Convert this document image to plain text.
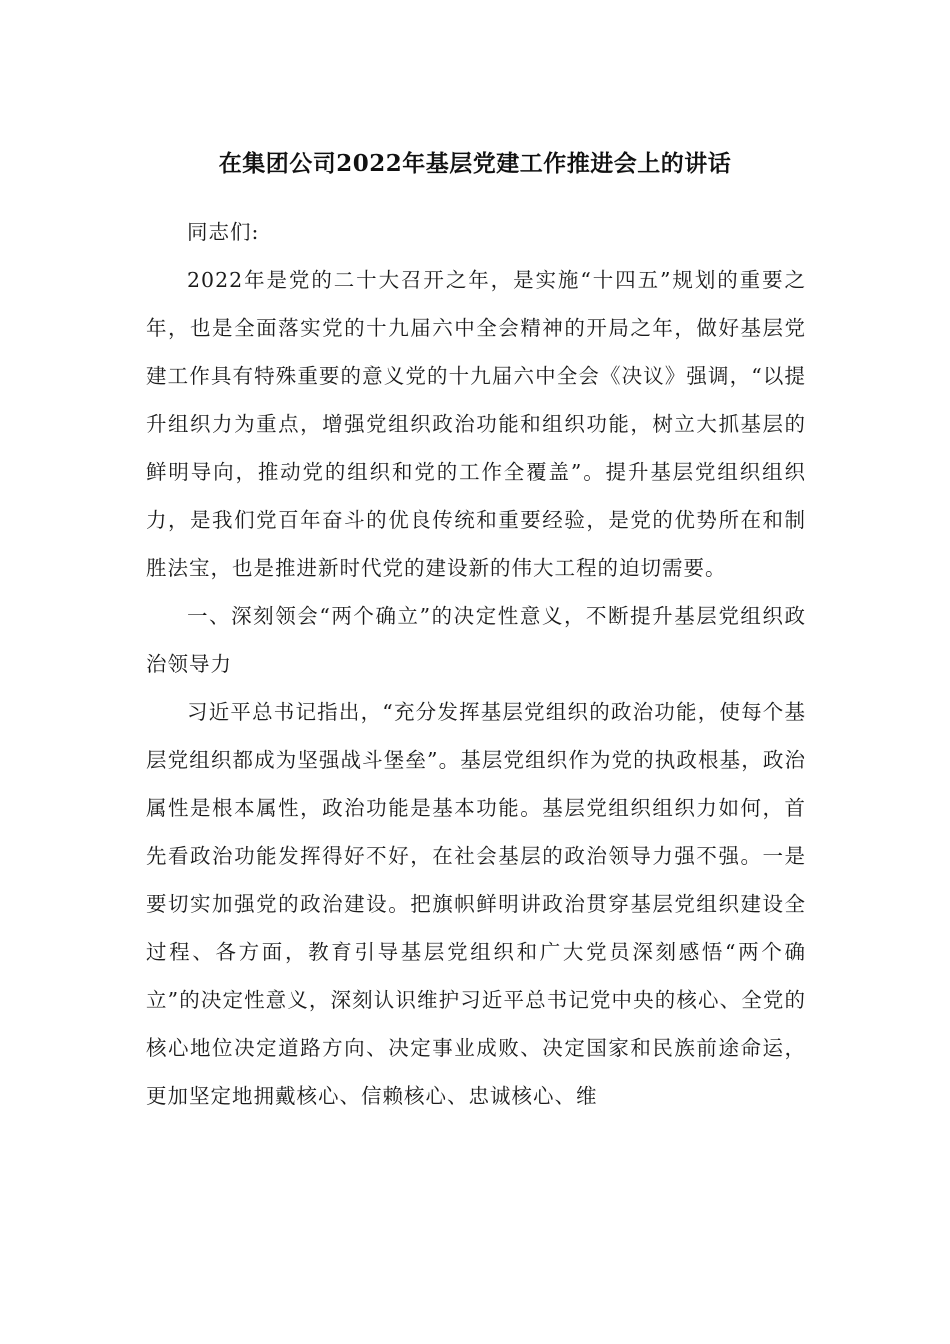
在集团公司2022年基层党建工作推进会上的讲话

同志们:

2022年是党的二十大召开之年，是实施“十四五”规划的重要之年，也是全面落实党的十九届六中全会精神的开局之年，做好基层党建工作具有特殊重要的意义党的十九届六中全会《决议》强调，“以提升组织力为重点，增强党组织政治功能和组织功能，树立大抓基层的鲜明导向，推动党的组织和党的工作全覆盖”。提升基层党组织组织力，是我们党百年奋斗的优良传统和重要经验，是党的优势所在和制胜法宝，也是推进新时代党的建设新的伟大工程的迫切需要。

一、深刻领会“两个确立”的决定性意义，不断提升基层党组织政治领导力

习近平总书记指出，“充分发挥基层党组织的政治功能，使每个基层党组织都成为坚强战斗堡垒”。基层党组织作为党的执政根基，政治属性是根本属性，政治功能是基本功能。基层党组织组织力如何，首先看政治功能发挥得好不好，在社会基层的政治领导力强不强。一是要切实加强党的政治建设。把旗帜鲜明讲政治贯穿基层党组织建设全过程、各方面，教育引导基层党组织和广大党员深刻感悟“两个确立”的决定性意义，深刻认识维护习近平总书记党中央的核心、全党的核心地位决定道路方向、决定事业成败、决定国家和民族前途命运，更加坚定地拥戴核心、信赖核心、忠诚核心、维
